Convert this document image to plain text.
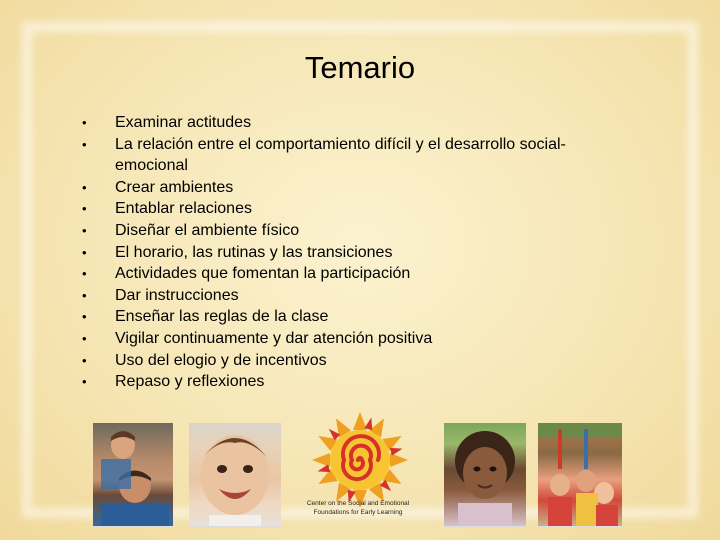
Temario
• Examinar actitudes
• La relación entre el comportamiento difícil y el desarrollo social-emocional
• Crear ambientes
• Entablar relaciones
• Diseñar el ambiente físico
• El horario, las rutinas y las transiciones
• Actividades que fomentan la participación
• Dar instrucciones
• Enseñar las reglas de la clase
• Vigilar continuamente y dar atención positiva
• Uso del elogio y de incentivos
• Repaso y reflexiones
Center on the Social and Emotional
Foundations for Early Learning
